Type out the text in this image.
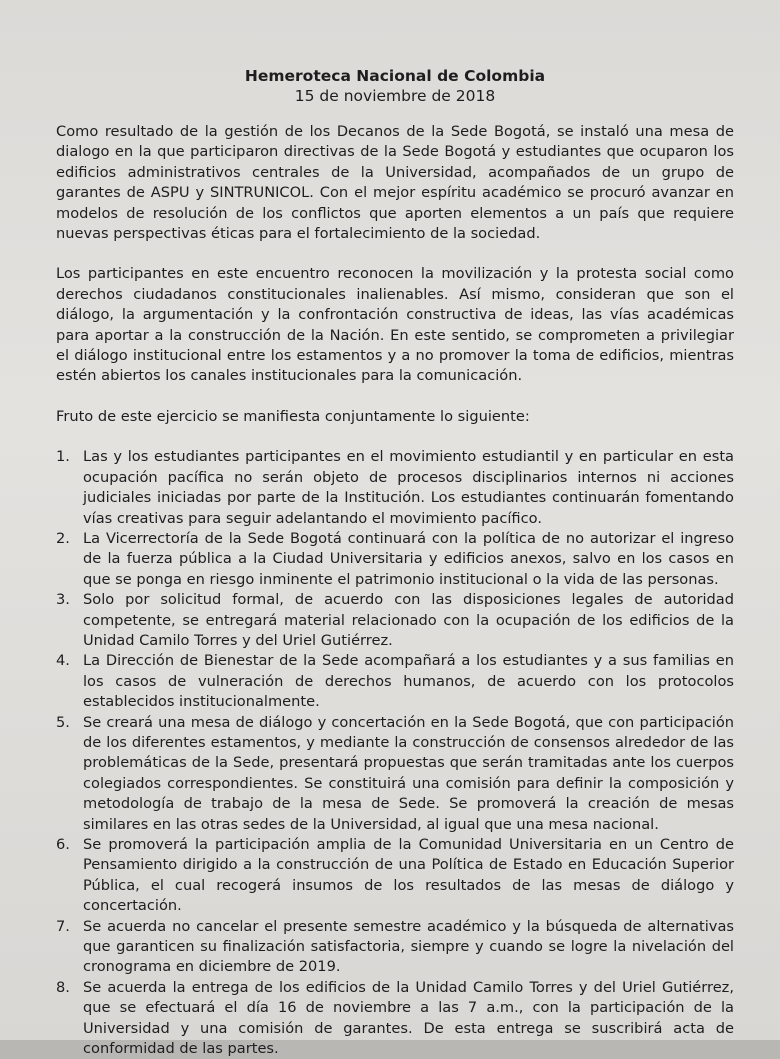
Hemeroteca Nacional de Colombia
15 de noviembre de 2018

Como resultado de la gestión de los Decanos de la Sede Bogotá, se instaló una mesa de dialogo en la que participaron directivas de la Sede Bogotá y estudiantes que ocuparon los edificios administrativos centrales de la Universidad, acompañados de un grupo de garantes de ASPU y SINTRUNICOL. Con el mejor espíritu académico se procuró avanzar en modelos de resolución de los conflictos que aporten elementos a un país que requiere nuevas perspectivas éticas para el fortalecimiento de la sociedad.

Los participantes en este encuentro reconocen la movilización y la protesta social como derechos ciudadanos constitucionales inalienables. Así mismo, consideran que son el diálogo, la argumentación y la confrontación constructiva de ideas, las vías académicas para aportar a la construcción de la Nación. En este sentido, se comprometen a privilegiar el diálogo institucional entre los estamentos y a no promover la toma de edificios, mientras estén abiertos los canales institucionales para la comunicación.

Fruto de este ejercicio se manifiesta conjuntamente lo siguiente:

1. Las y los estudiantes participantes en el movimiento estudiantil y en particular en esta ocupación pacífica no serán objeto de procesos disciplinarios internos ni acciones judiciales iniciadas por parte de la Institución. Los estudiantes continuarán fomentando vías creativas para seguir adelantando el movimiento pacífico.
2. La Vicerrectoría de la Sede Bogotá continuará con la política de no autorizar el ingreso de la fuerza pública a la Ciudad Universitaria y edificios anexos, salvo en los casos en que se ponga en riesgo inminente el patrimonio institucional o la vida de las personas.
3. Solo por solicitud formal, de acuerdo con las disposiciones legales de autoridad competente, se entregará material relacionado con la ocupación de los edificios de la Unidad Camilo Torres y del Uriel Gutiérrez.
4. La Dirección de Bienestar de la Sede acompañará a los estudiantes y a sus familias en los casos de vulneración de derechos humanos, de acuerdo con los protocolos establecidos institucionalmente.
5. Se creará una mesa de diálogo y concertación en la Sede Bogotá, que con participación de los diferentes estamentos, y mediante la construcción de consensos alrededor de las problemáticas de la Sede, presentará propuestas que serán tramitadas ante los cuerpos colegiados correspondientes. Se constituirá una comisión para definir la composición y metodología de trabajo de la mesa de Sede. Se promoverá la creación de mesas similares en las otras sedes de la Universidad, al igual que una mesa nacional.
6. Se promoverá la participación amplia de la Comunidad Universitaria en un Centro de Pensamiento dirigido a la construcción de una Política de Estado en Educación Superior Pública, el cual recogerá insumos de los resultados de las mesas de diálogo y concertación.
7. Se acuerda no cancelar el presente semestre académico y la búsqueda de alternativas que garanticen su finalización satisfactoria, siempre y cuando se logre la nivelación del cronograma en diciembre de 2019.
8. Se acuerda la entrega de los edificios de la Unidad Camilo Torres y del Uriel Gutiérrez, que se efectuará el día 16 de noviembre a las 7 a.m., con la participación de la Universidad y una comisión de garantes. De esta entrega se suscribirá acta de conformidad de las partes.
